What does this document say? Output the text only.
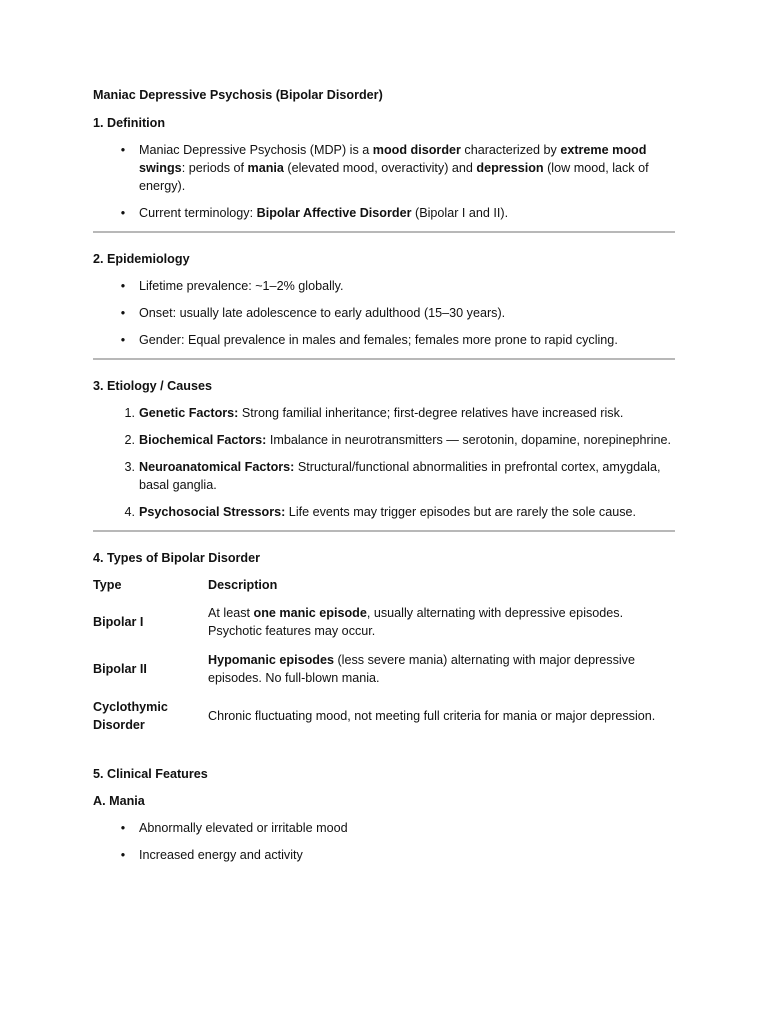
Maniac Depressive Psychosis (Bipolar Disorder)
1. Definition
•	Maniac Depressive Psychosis (MDP) is a mood disorder characterized by extreme mood swings: periods of mania (elevated mood, overactivity) and depression (low mood, lack of energy).
•	Current terminology: Bipolar Affective Disorder (Bipolar I and II).
2. Epidemiology
•	Lifetime prevalence: ~1–2% globally.
•	Onset: usually late adolescence to early adulthood (15–30 years).
•	Gender: Equal prevalence in males and females; females more prone to rapid cycling.
3. Etiology / Causes
1. Genetic Factors: Strong familial inheritance; first-degree relatives have increased risk.
2. Biochemical Factors: Imbalance in neurotransmitters — serotonin, dopamine, norepinephrine.
3. Neuroanatomical Factors: Structural/functional abnormalities in prefrontal cortex, amygdala, basal ganglia.
4. Psychosocial Stressors: Life events may trigger episodes but are rarely the sole cause.
4. Types of Bipolar Disorder
Type	Description
Bipolar I	At least one manic episode, usually alternating with depressive episodes. Psychotic features may occur.
Bipolar II	Hypomanic episodes (less severe mania) alternating with major depressive episodes. No full-blown mania.
Cyclothymic Disorder	Chronic fluctuating mood, not meeting full criteria for mania or major depression.
5. Clinical Features
A. Mania
•	Abnormally elevated or irritable mood
•	Increased energy and activity
